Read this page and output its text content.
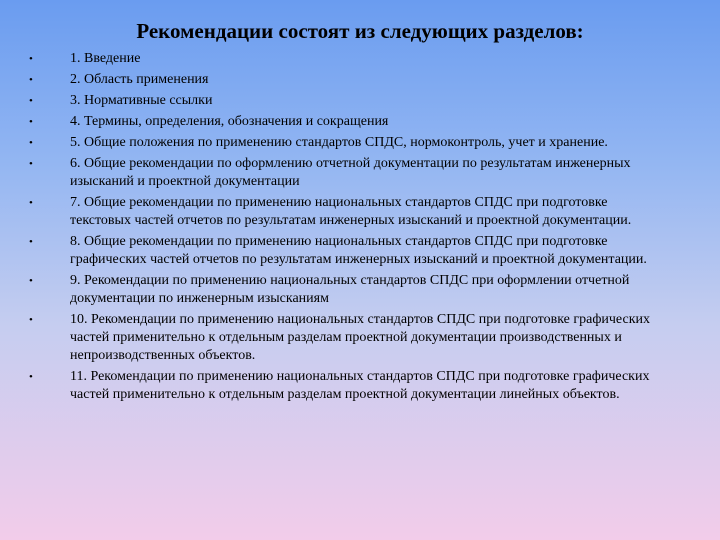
Рекомендации состоят из следующих разделов:
•	1. Введение
•	2. Область применения
•	3. Нормативные ссылки
•	4. Термины, определения, обозначения и сокращения
•	5. Общие положения по применению стандартов СПДС, нормоконтроль, учет и хранение.
•	6. Общие рекомендации по оформлению отчетной документации по результатам инженерных изысканий и проектной документации
•	7. Общие рекомендации по применению национальных стандартов СПДС при подготовке текстовых частей отчетов по результатам инженерных изысканий и проектной документации.
•	8. Общие рекомендации по применению национальных стандартов СПДС при подготовке графических частей отчетов по результатам инженерных изысканий и проектной документации.
•	9. Рекомендации по применению национальных стандартов СПДС при оформлении отчетной документации по инженерным изысканиям
•	10. Рекомендации по применению национальных стандартов СПДС при подготовке графических частей применительно к отдельным разделам проектной документации производственных и непроизводственных объектов.
•	11. Рекомендации по применению национальных стандартов СПДС при подготовке графических частей применительно к отдельным разделам проектной документации линейных объектов.
